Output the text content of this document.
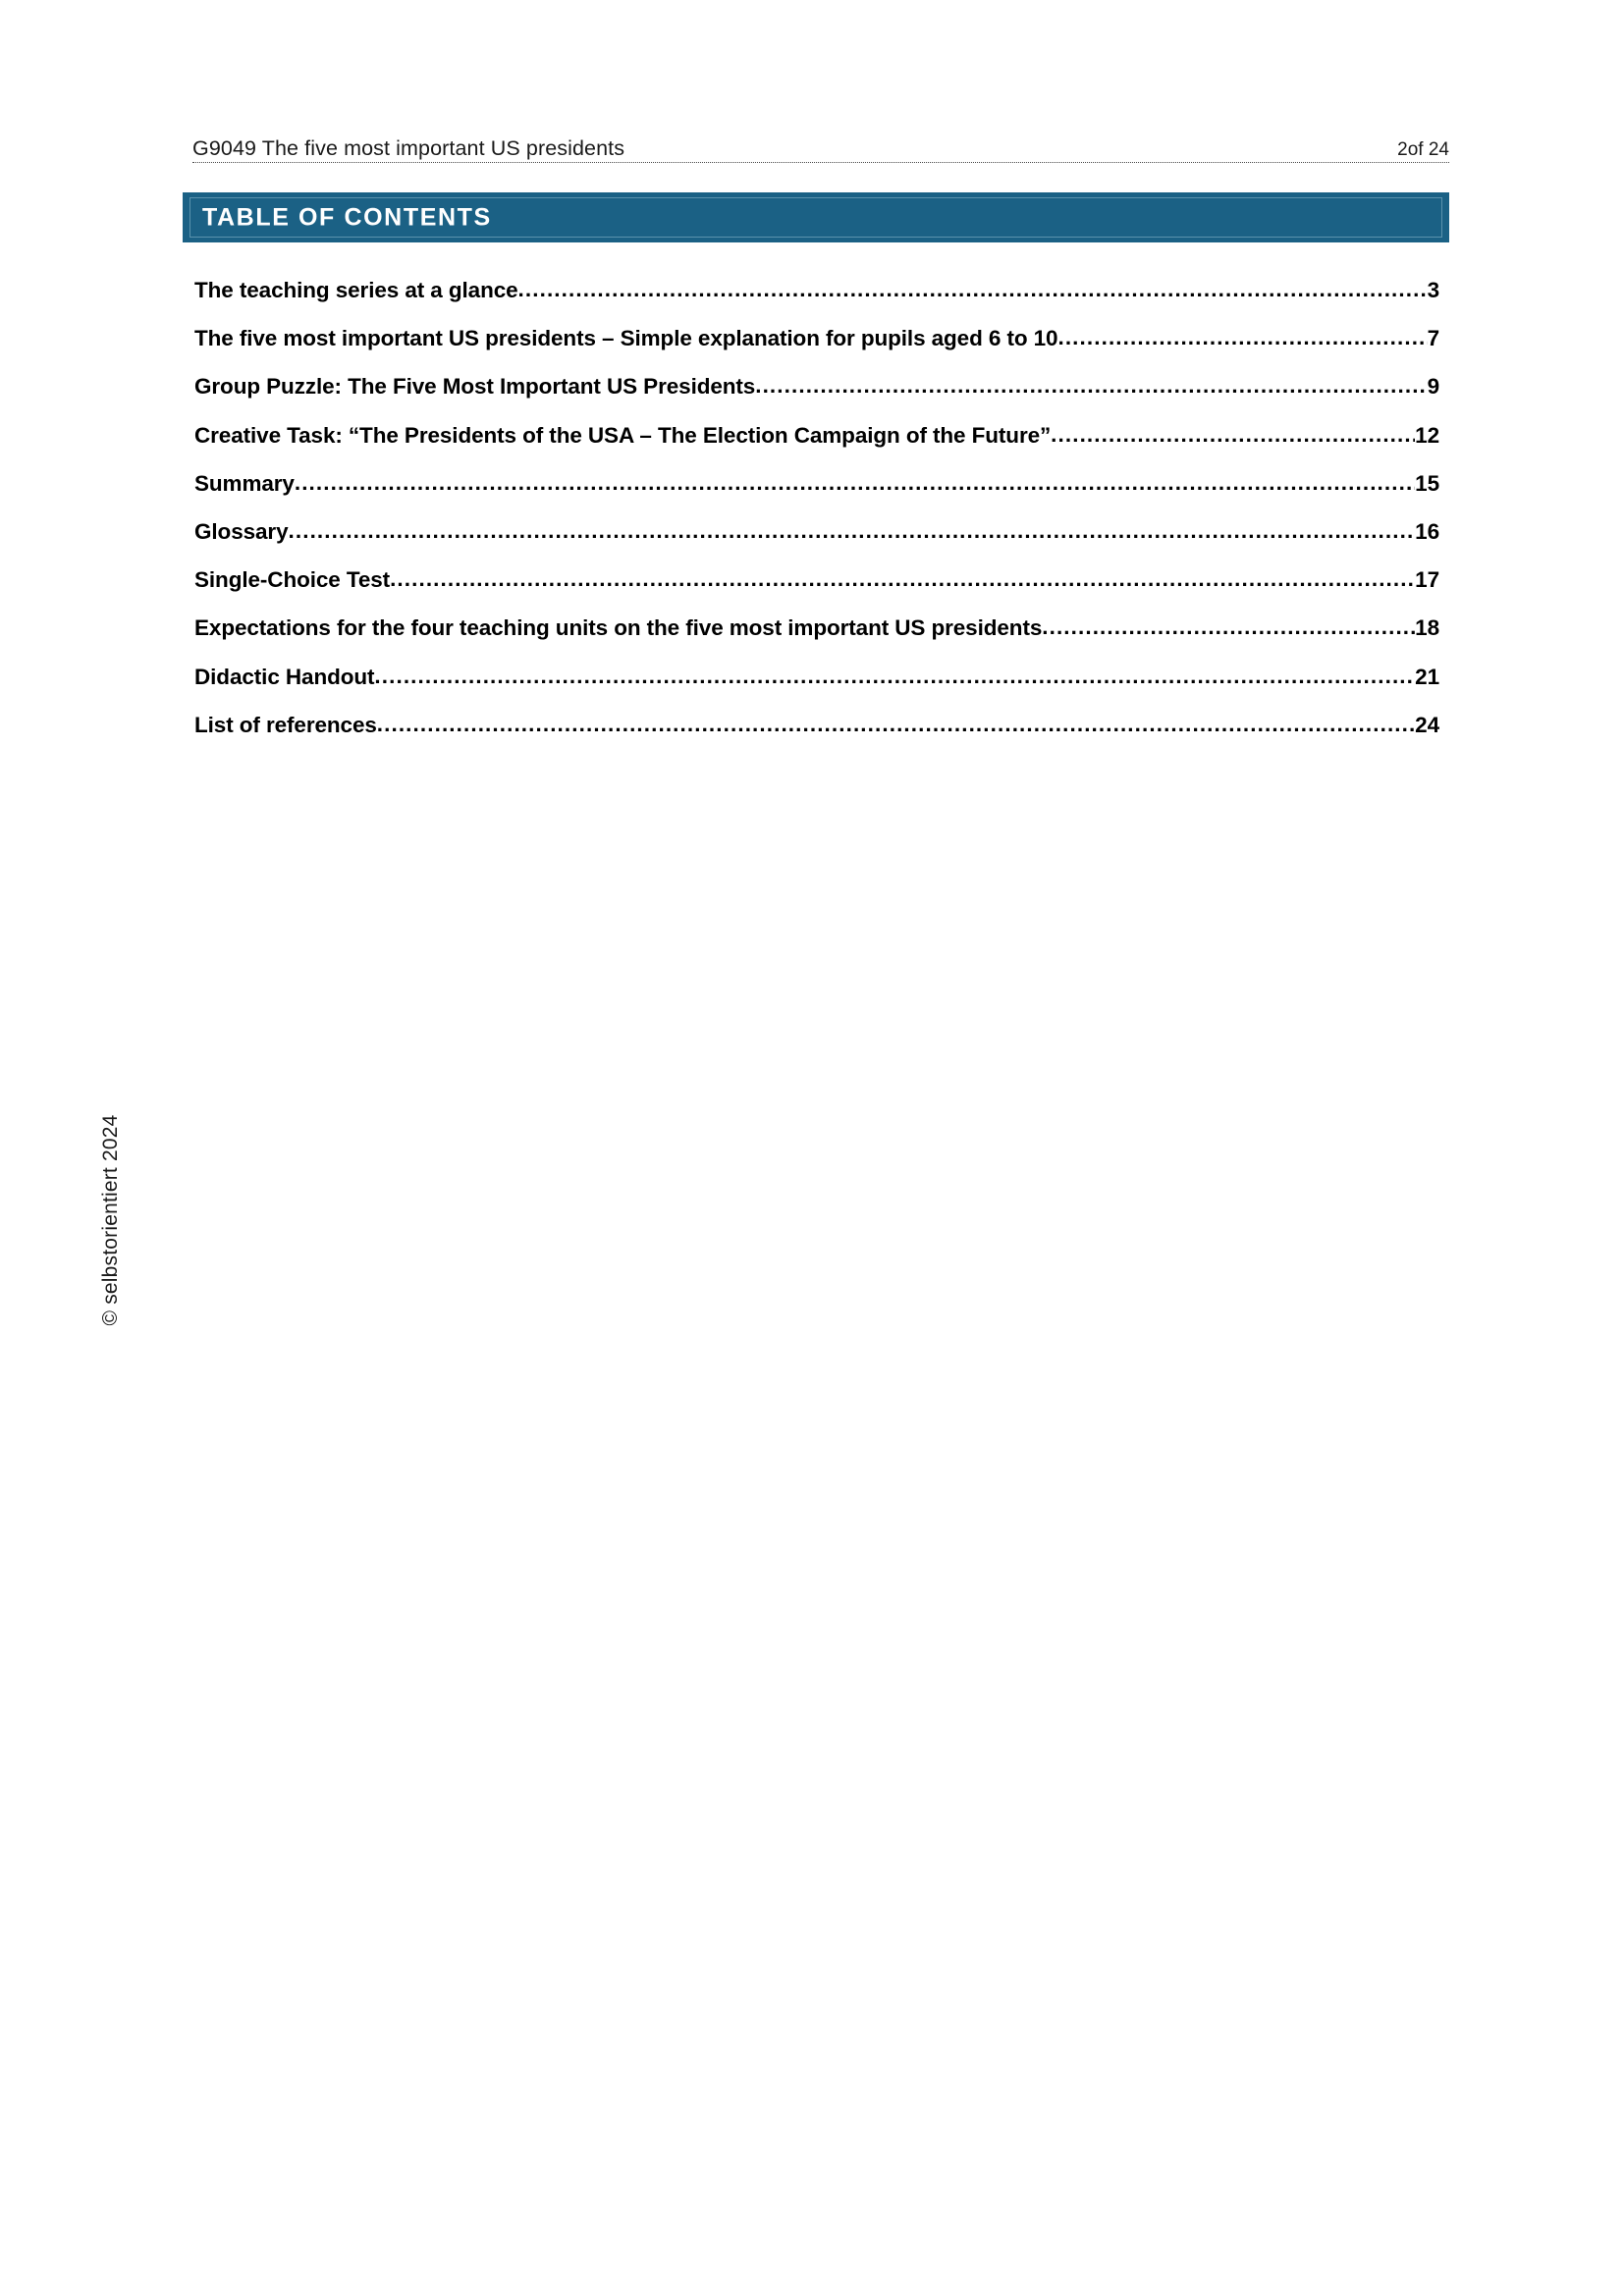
G9049 The five most important US presidents	2of 24
TABLE OF CONTENTS
The teaching series at a glance .....	3
The five most important US presidents – Simple explanation for pupils aged 6 to 10 .....	7
Group Puzzle: The Five Most Important US Presidents .....	9
Creative Task: “The Presidents of the USA – The Election Campaign of the Future” .....	12
Summary .....	15
Glossary .....	16
Single-Choice Test .....	17
Expectations for the four teaching units on the five most important US presidents .....	18
Didactic Handout .....	21
List of references .....	24
© selbstorientiert 2024
